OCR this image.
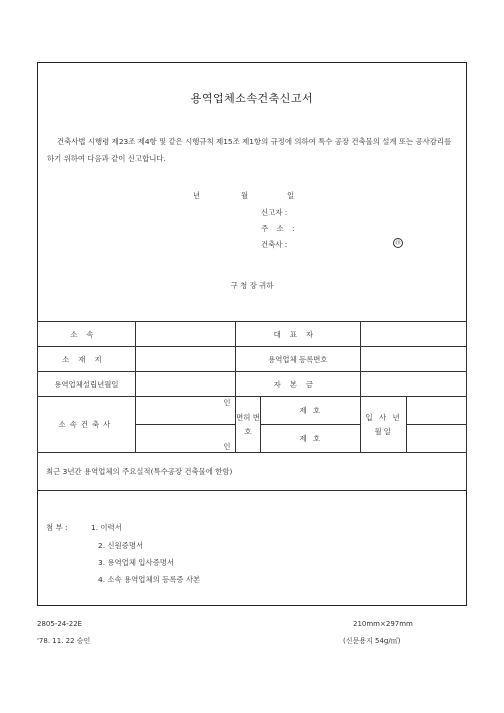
용역업체소속건축신고서
건축사법 시행령 제23조 제4항 및 같은 시행규칙 제15조 제1항의 규정에 의하여 특수 공장 건축물의 설계 또는 공사감리를 하기 위하여 다음과 같이 신고합니다.
년	월	일
신고자 :
주 소 :
건축사 :	㊞
구 청 장 귀하
소속		대표자			
소재지		용역업체 등록번호			
용역업체설립년월일		자본금			
소속건축사	인	면허 번호	제 호	입 사 년월일	
	인		제 호		
최근 3년간 용역업체의 주요실적(특수공장 건축물에 한함)					
첨 부 :	1. 이력서
2. 신원증명서
3. 용역업체 입사증명서
4. 소속 용역업체의 등록증 사본
2805-24-22E
'78. 11. 22 승인
210mm×297mm
(신문용지 54g/㎡)
